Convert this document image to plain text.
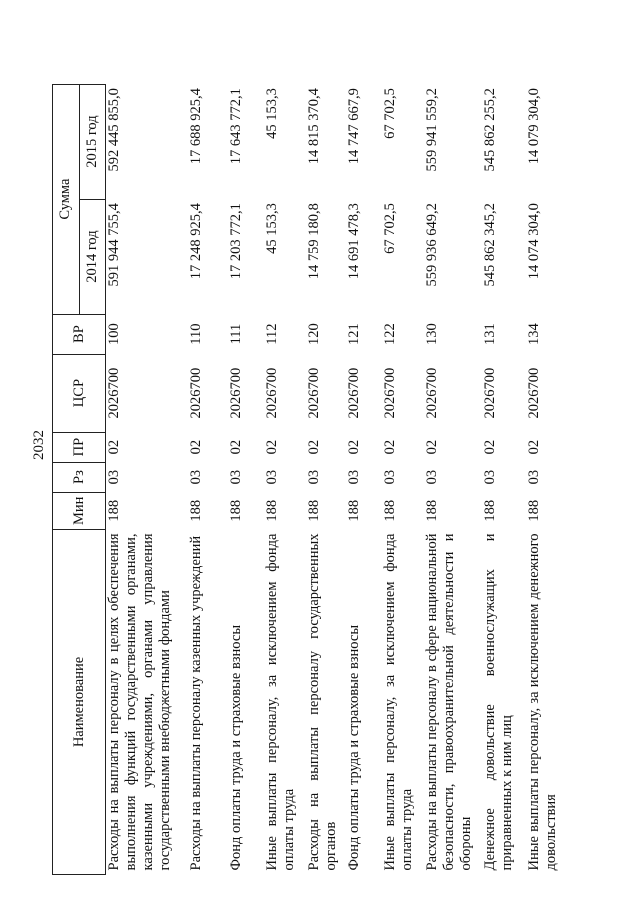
2032
Наименование	Мин	Рз	ПР	ЦСР	ВР	Сумма	
						2014 год	2015 год
Расходы на выплаты персоналу в целях обеспечения выполнения функций государственными органами, казенными учреждениями, органами управления государственными внебюджетными фондами	188	03	02	2026700	100	591 944 755,4	592 445 855,0
Расходы на выплаты персоналу казенных учреждений	188	03	02	2026700	110	17 248 925,4	17 688 925,4
Фонд оплаты труда и страховые взносы	188	03	02	2026700	111	17 203 772,1	17 643 772,1
Иные выплаты персоналу, за исключением фонда оплаты труда	188	03	02	2026700	112	45 153,3	45 153,3
Расходы на выплаты персоналу государственных органов	188	03	02	2026700	120	14 759 180,8	14 815 370,4
Фонд оплаты труда и страховые взносы	188	03	02	2026700	121	14 691 478,3	14 747 667,9
Иные выплаты персоналу, за исключением фонда оплаты труда	188	03	02	2026700	122	67 702,5	67 702,5
Расходы на выплаты персоналу в сфере национальной безопасности, правоохранительной деятельности и обороны	188	03	02	2026700	130	559 936 649,2	559 941 559,2
Денежное довольствие военнослужащих и приравненных к ним лиц	188	03	02	2026700	131	545 862 345,2	545 862 255,2
Иные выплаты персоналу, за исключением денежного довольствия	188	03	02	2026700	134	14 074 304,0	14 079 304,0
